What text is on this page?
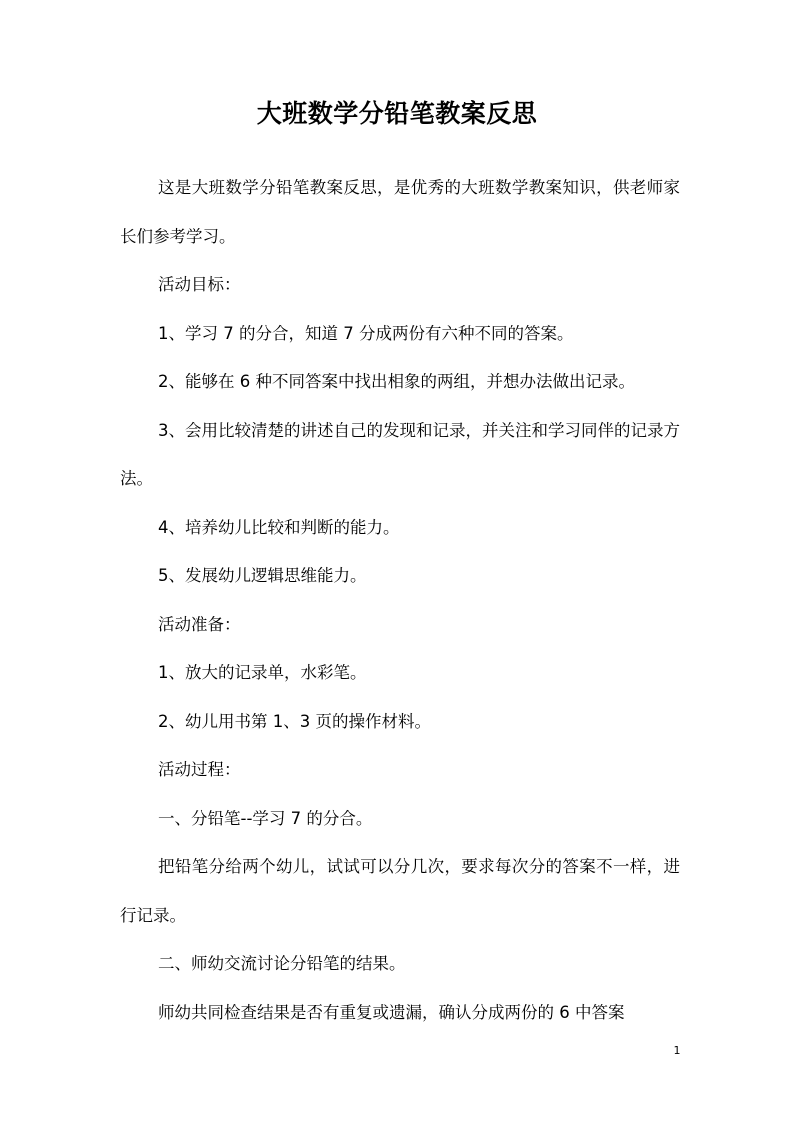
大班数学分铅笔教案反思

这是大班数学分铅笔教案反思，是优秀的大班数学教案知识，供老师家长们参考学习。

活动目标：

1、学习 7 的分合，知道 7 分成两份有六种不同的答案。

2、能够在 6 种不同答案中找出相象的两组，并想办法做出记录。

3、会用比较清楚的讲述自己的发现和记录，并关注和学习同伴的记录方法。

4、培养幼儿比较和判断的能力。

5、发展幼儿逻辑思维能力。

活动准备：

1、放大的记录单，水彩笔。

2、幼儿用书第 1、3 页的操作材料。

活动过程：

一、分铅笔--学习 7 的分合。

把铅笔分给两个幼儿，试试可以分几次，要求每次分的答案不一样，进行记录。

二、师幼交流讨论分铅笔的结果。

师幼共同检查结果是否有重复或遗漏，确认分成两份的 6 中答案

1
